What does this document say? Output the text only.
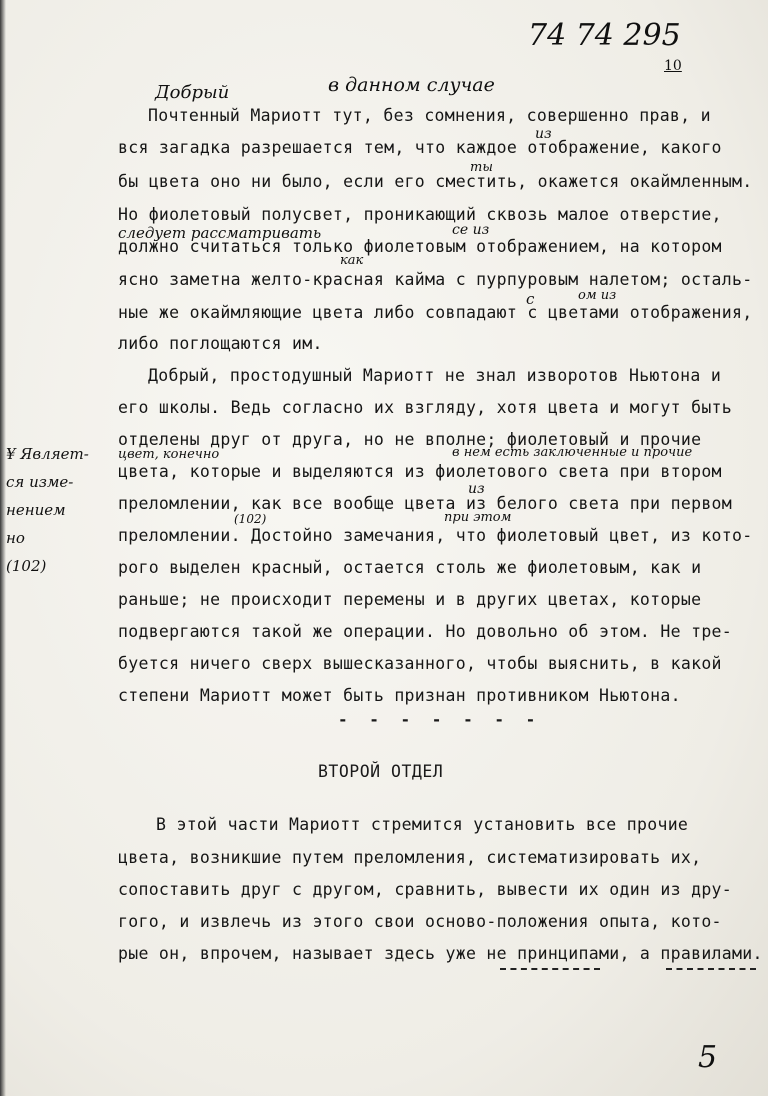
74 74 295
10
Добрый	в данном случае
Почтенный Мариотт тут, без сомнения, совершенно прав, и
из
вся загадка разрешается тем, что каждое отображение, какого
ты
бы цвета оно ни было, если его сместить, окажется окаймленным.
Но фиолетовый полусвет, проникающий сквозь малое отверстие,
следует рассматривать	се из
должно считаться только фиолетовым отображением, на котором
как
ясно заметна желто-красная кайма с пурпуровым налетом; осталь-
с	ом из
ные же окаймляющие цвета либо совпадают с цветами отображения,
либо поглощаются им.
Добрый, простодушный Мариотт не знал изворотов Ньютона и
его школы. Ведь согласно их взгляду, хотя цвета и могут быть
отделены друг от друга, но не вполне; фиолетовый и прочие
цвет, конечно	в нем есть заключенные и прочие
цвета, которые и выделяются из фиолетового света при втором
из
преломлении, как все вообще цвета из белого света при первом
(102)	при этом
преломлении. Достойно замечания, что фиолетовый цвет, из кото-
рого выделен красный, остается столь же фиолетовым, как и
раньше; не происходит перемены и в других цветах, которые
подвергаются такой же операции. Но довольно об этом. Не тре-
буется ничего сверх вышесказанного, чтобы выяснить, в какой
степени Мариотт может быть признан противником Ньютона.
¥ Являет-
ся изме-
нением
но
(102)
- - - - - - -
ВТОРОЙ ОТДЕЛ
В этой части Мариотт стремится установить все прочие
цвета, возникшие путем преломления, систематизировать их,
сопоставить друг с другом, сравнить, вывести их один из дру-
гого, и извлечь из этого свои осново-положения опыта, кото-
рые он, впрочем, называет здесь уже не принципами, а правилами.
5
